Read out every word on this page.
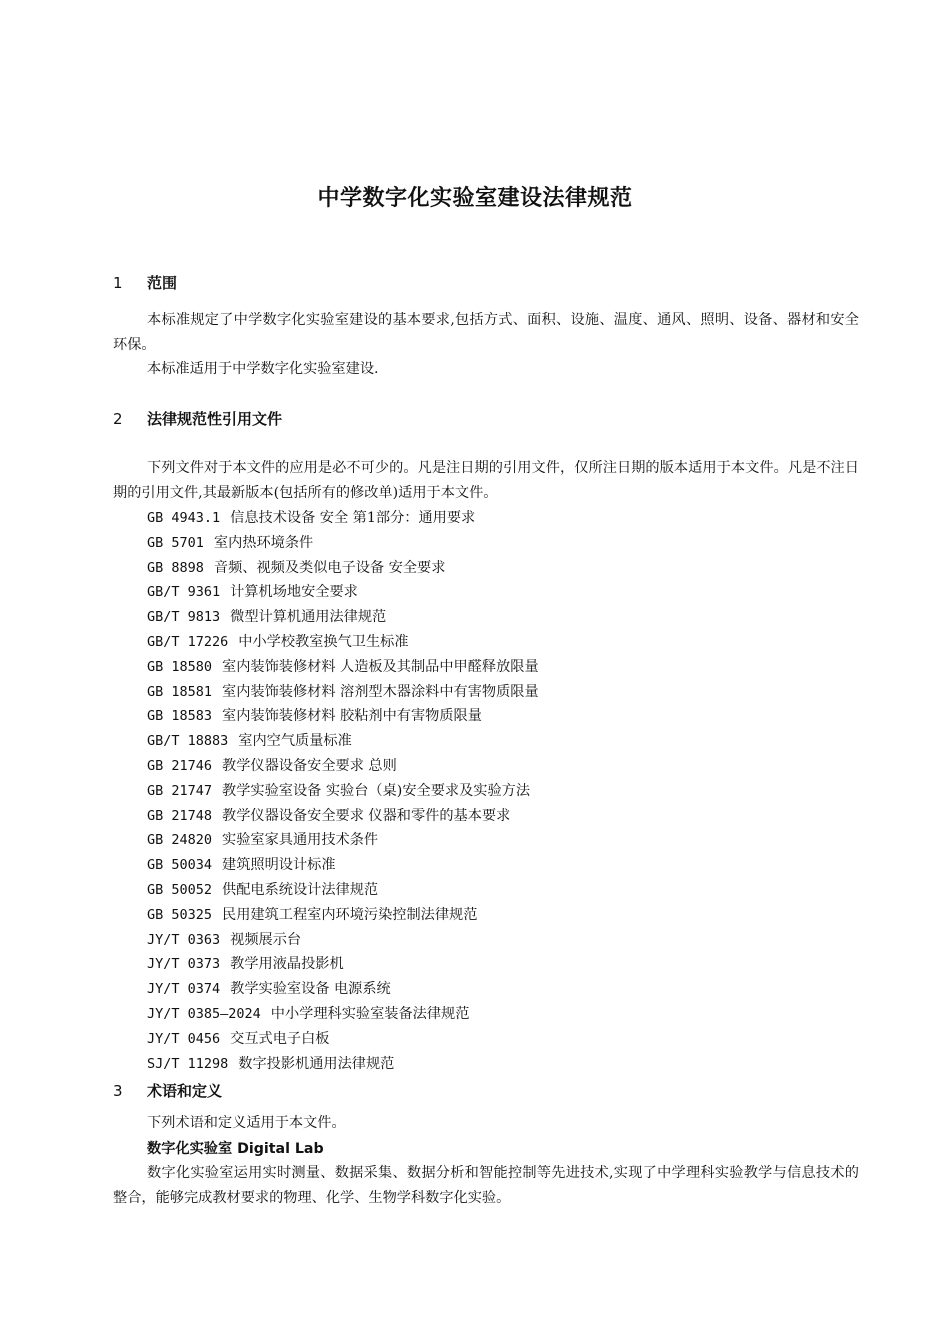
中学数字化实验室建设法律规范
1 范围
本标准规定了中学数字化实验室建设的基本要求,包括方式、面积、设施、温度、通风、照明、设备、器材和安全环保。
本标准适用于中学数字化实验室建设.
2 法律规范性引用文件
下列文件对于本文件的应用是必不可少的。凡是注日期的引用文件，仅所注日期的版本适用于本文件。凡是不注日期的引用文件,其最新版本(包括所有的修改单)适用于本文件。
GB 4943.1 信息技术设备 安全 第1部分：通用要求
GB 5701 室内热环境条件
GB 8898 音频、视频及类似电子设备 安全要求
GB/T 9361 计算机场地安全要求
GB/T 9813 微型计算机通用法律规范
GB/T 17226 中小学校教室换气卫生标准
GB 18580 室内装饰装修材料 人造板及其制品中甲醛释放限量
GB 18581 室内装饰装修材料 溶剂型木器涂料中有害物质限量
GB 18583 室内装饰装修材料 胶粘剂中有害物质限量
GB/T 18883 室内空气质量标准
GB 21746 教学仪器设备安全要求 总则
GB 21747 教学实验室设备 实验台（桌)安全要求及实验方法
GB 21748 教学仪器设备安全要求 仪器和零件的基本要求
GB 24820 实验室家具通用技术条件
GB 50034 建筑照明设计标准
GB 50052 供配电系统设计法律规范
GB 50325 民用建筑工程室内环境污染控制法律规范
JY/T 0363 视频展示台
JY/T 0373 教学用液晶投影机
JY/T 0374 教学实验室设备 电源系统
JY/T 0385—2024 中小学理科实验室装备法律规范
JY/T 0456 交互式电子白板
SJ/T 11298 数字投影机通用法律规范
3 术语和定义
下列术语和定义适用于本文件。
数字化实验室 Digital Lab
数字化实验室运用实时测量、数据采集、数据分析和智能控制等先进技术,实现了中学理科实验教学与信息技术的整合，能够完成教材要求的物理、化学、生物学科数字化实验。
